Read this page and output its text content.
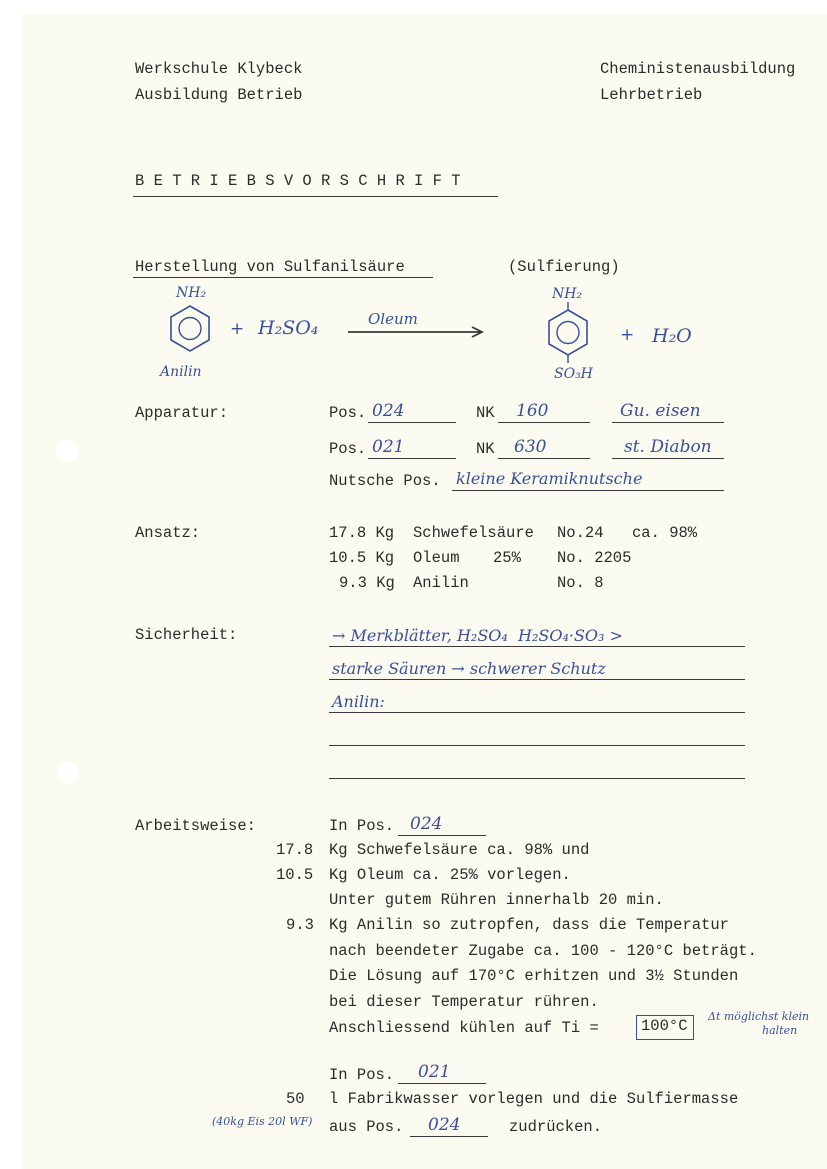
Werkschule Klybeck
Ausbildung Betrieb
Cheministenausbildung
Lehrbetrieb
B E T R I E B S V O R S C H R I F T
Herstellung von Sulfanilsäure	(Sulfierung)
NH₂
Anilin
+ H₂SO₄	Oleum
NH₂
SO₃H
+ H₂O
Apparatur:	Pos. 024	NK 160	Gu. eisen
Pos. 021	NK 630	st. Diabon
Nutsche Pos. kleine Keramiknutsche
Ansatz:	17.8 Kg Schwefelsäure No.24 ca. 98%
10.5 Kg Oleum 25% No. 2205
9.3 Kg Anilin	No. 8
Sicherheit:	→ Merkblätter, H₂SO₄  H₂SO₄·SO₃ >
starke Säuren → schwerer Schutz
Anilin:
Arbeitsweise:	In Pos. 024
17.8 Kg Schwefelsäure ca. 98% und
10.5 Kg Oleum ca. 25% vorlegen.
Unter gutem Rühren innerhalb 20 min.
9.3 Kg Anilin so zutropfen, dass die Temperatur
nach beendeter Zugabe ca. 100 - 120°C beträgt.
Die Lösung auf 170°C erhitzen und 3½ Stunden
bei dieser Temperatur rühren.
Anschliessend kühlen auf Ti =	100°C
Δt möglichst klein
halten
In Pos. 021
50 l Fabrikwasser vorlegen und die Sulfiermasse
(40kg Eis 20l WF) aus Pos. 024	zudrücken.
